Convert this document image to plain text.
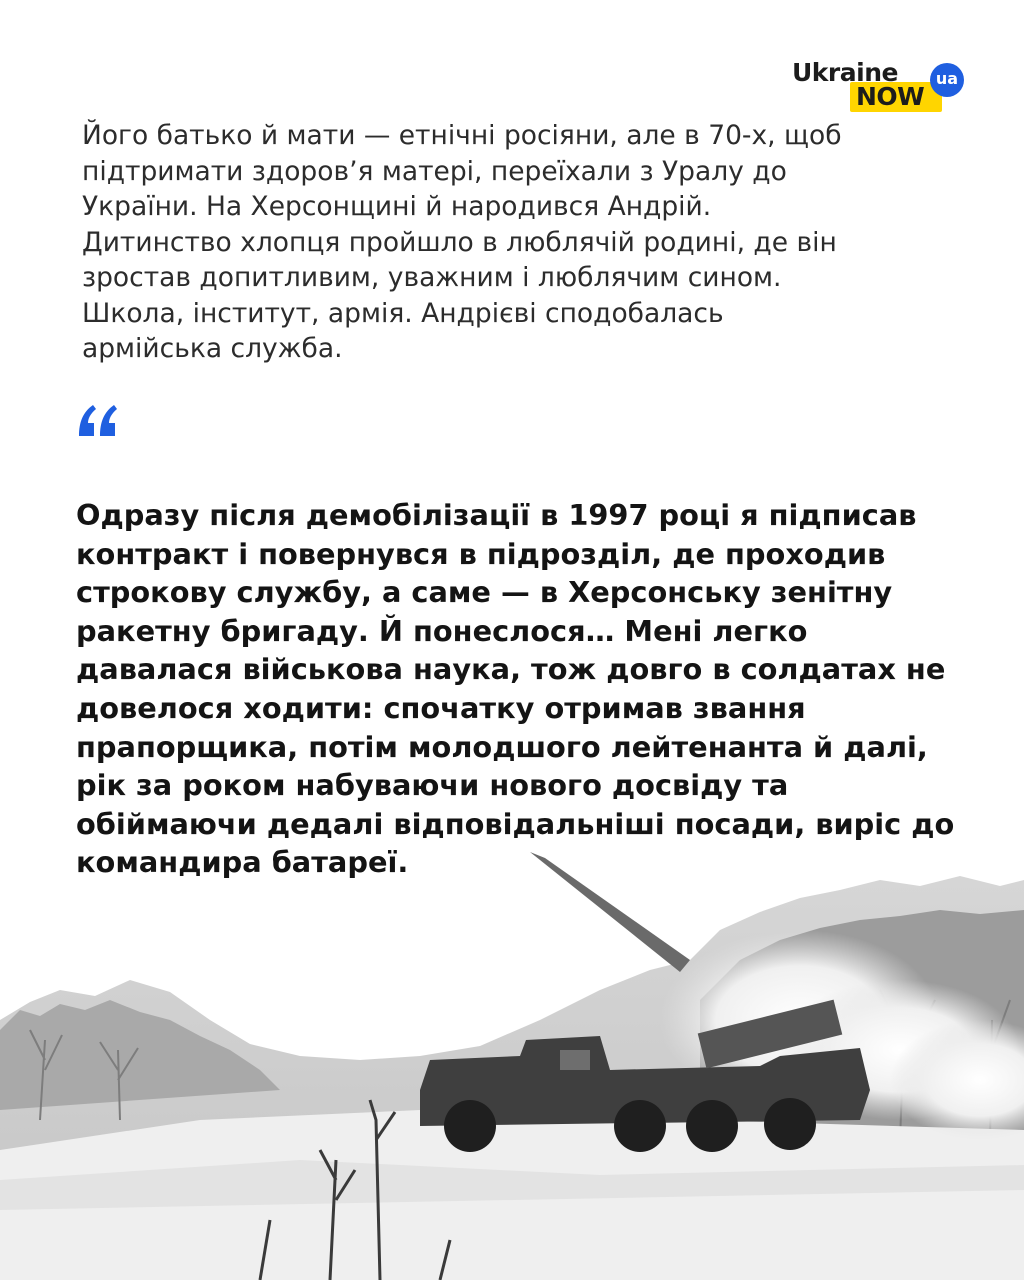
NOW
Ukraine	ua

Його батько й мати — етнічні росіяни, але в 70-х, щоб підтримати здоров’я матері, переїхали з Уралу до України. На Херсонщині й народився Андрій. Дитинство хлопця пройшло в люблячій родині, де він зростав допитливим, уважним і люблячим сином. Школа, інститут, армія. Андрієві сподобалась армійська служба.

Одразу після демобілізації в 1997 році я підписав контракт і повернувся в підрозділ, де проходив строкову службу, а саме — в Херсонську зенітну ракетну бригаду. Й понеслося… Мені легко давалася військова наука, тож довго в солдатах не довелося ходити: спочатку отримав звання прапорщика, потім молодшого лейтенанта й далі, рік за роком набуваючи нового досвіду та обіймаючи дедалі відповідальніші посади, виріс до командира батареї.
